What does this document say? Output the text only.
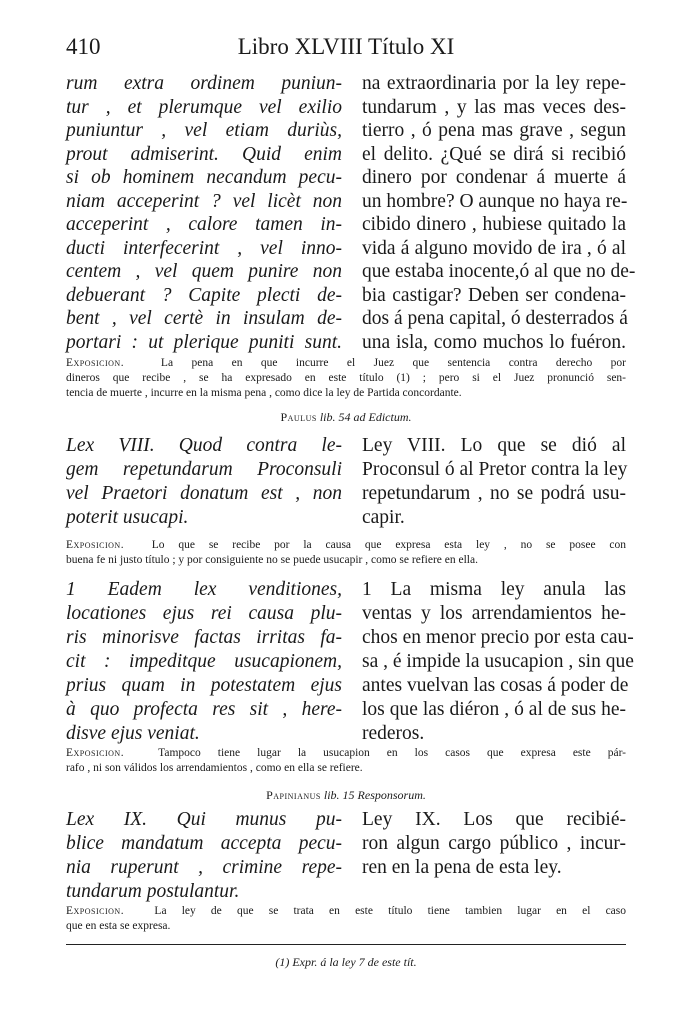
410	Libro XLVIII Título XI
rum extra ordinem puniun-
tur , et plerumque vel exilio
puniuntur , vel etiam duriùs,
prout admiserint. Quid enim
si ob hominem necandum pecu-
niam acceperint ? vel licèt non
acceperint , calore tamen in-
ducti interfecerint , vel inno-
centem , vel quem punire non
debuerant ? Capite plecti de-
bent , vel certè in insulam de-
portari : ut plerique puniti sunt.
na extraordinaria por la ley repe-
tundarum , y las mas veces des-
tierro , ó pena mas grave , segun
el delito. ¿Qué se dirá si recibió
dinero por condenar á muerte á
un hombre? O aunque no haya re-
cibido dinero , hubiese quitado la
vida á alguno movido de ira , ó al
que estaba inocente,ó al que no de-
bia castigar? Deben ser condena-
dos á pena capital, ó desterrados á
una isla, como muchos lo fuéron.
Exposicion.	La pena en que incurre el Juez que sentencia contra derecho por
dineros que recibe , se ha expresado en este título (1) ; pero si el Juez pronunció sen-
tencia de muerte , incurre en la misma pena , como dice la ley de Partida concordante.
Paulus lib. 54 ad Edictum.
Lex VIII. Quod contra le-
gem repetundarum Proconsuli
vel Praetori donatum est , non
poterit usucapi.
Ley VIII. Lo que se dió al
Proconsul ó al Pretor contra la ley
repetundarum , no se podrá usu-
capir.
Exposicion. Lo que se recibe por la causa que expresa esta ley , no se posee con
buena fe ni justo título ; y por consiguiente no se puede usucapir , como se refiere en ella.
1 Eadem lex venditiones,
locationes ejus rei causa plu-
ris minorisve factas irritas fa-
cit : impeditque usucapionem,
prius quam in potestatem ejus
à quo profecta res sit , here-
disve ejus veniat.
1 La misma ley anula las
ventas y los arrendamientos he-
chos en menor precio por esta cau-
sa , é impide la usucapion , sin que
antes vuelvan las cosas á poder de
los que las diéron , ó al de sus he-
rederos.
Exposicion.	Tampoco tiene lugar la usucapion en los casos que expresa este pár-
rafo , ni son válidos los arrendamientos , como en ella se refiere.
Papinianus lib. 15 Responsorum.
Lex IX. Qui munus pu-
blice mandatum accepta pecu-
nia ruperunt , crimine repe-
tundarum postulantur.
Ley IX. Los que recibié-
ron algun cargo público , incur-
ren en la pena de esta ley.
Exposicion.	La ley de que se trata en este título tiene tambien lugar en el caso
que en esta se expresa.
(1) Expr. á la ley 7 de este tít.
